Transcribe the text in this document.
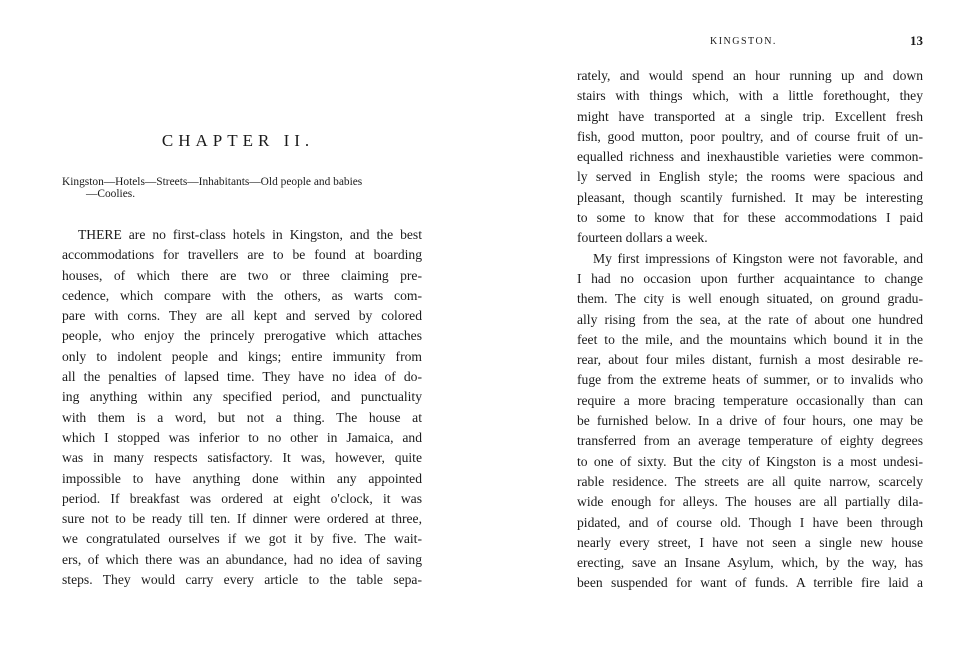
CHAPTER II.
Kingston—Hotels—Streets—Inhabitants—Old people and babies
—Coolies.
THERE are no first-class hotels in Kingston, and the best
accommodations for travellers are to be found at boarding
houses, of which there are two or three claiming pre-
cedence, which compare with the others, as warts com-
pare with corns. They are all kept and served by colored
people, who enjoy the princely prerogative which attaches
only to indolent people and kings; entire immunity from
all the penalties of lapsed time. They have no idea of do-
ing anything within any specified period, and punctuality
with them is a word, but not a thing. The house at
which I stopped was inferior to no other in Jamaica, and
was in many respects satisfactory. It was, however, quite
impossible to have anything done within any appointed
period. If breakfast was ordered at eight o'clock, it was
sure not to be ready till ten. If dinner were ordered at three,
we congratulated ourselves if we got it by five. The wait-
ers, of which there was an abundance, had no idea of saving
steps. They would carry every article to the table sepa-
KINGSTON.	13
rately, and would spend an hour running up and down
stairs with things which, with a little forethought, they
might have transported at a single trip. Excellent fresh
fish, good mutton, poor poultry, and of course fruit of un-
equalled richness and inexhaustible varieties were common-
ly served in English style; the rooms were spacious and
pleasant, though scantily furnished. It may be interesting
to some to know that for these accommodations I paid
fourteen dollars a week.
My first impressions of Kingston were not favorable, and
I had no occasion upon further acquaintance to change
them. The city is well enough situated, on ground gradu-
ally rising from the sea, at the rate of about one hundred
feet to the mile, and the mountains which bound it in the
rear, about four miles distant, furnish a most desirable re-
fuge from the extreme heats of summer, or to invalids who
require a more bracing temperature occasionally than can
be furnished below. In a drive of four hours, one may be
transferred from an average temperature of eighty degrees
to one of sixty. But the city of Kingston is a most undesi-
rable residence. The streets are all quite narrow, scarcely
wide enough for alleys. The houses are all partially dila-
pidated, and of course old. Though I have been through
nearly every street, I have not seen a single new house
erecting, save an Insane Asylum, which, by the way, has
been suspended for want of funds. A terrible fire laid a
